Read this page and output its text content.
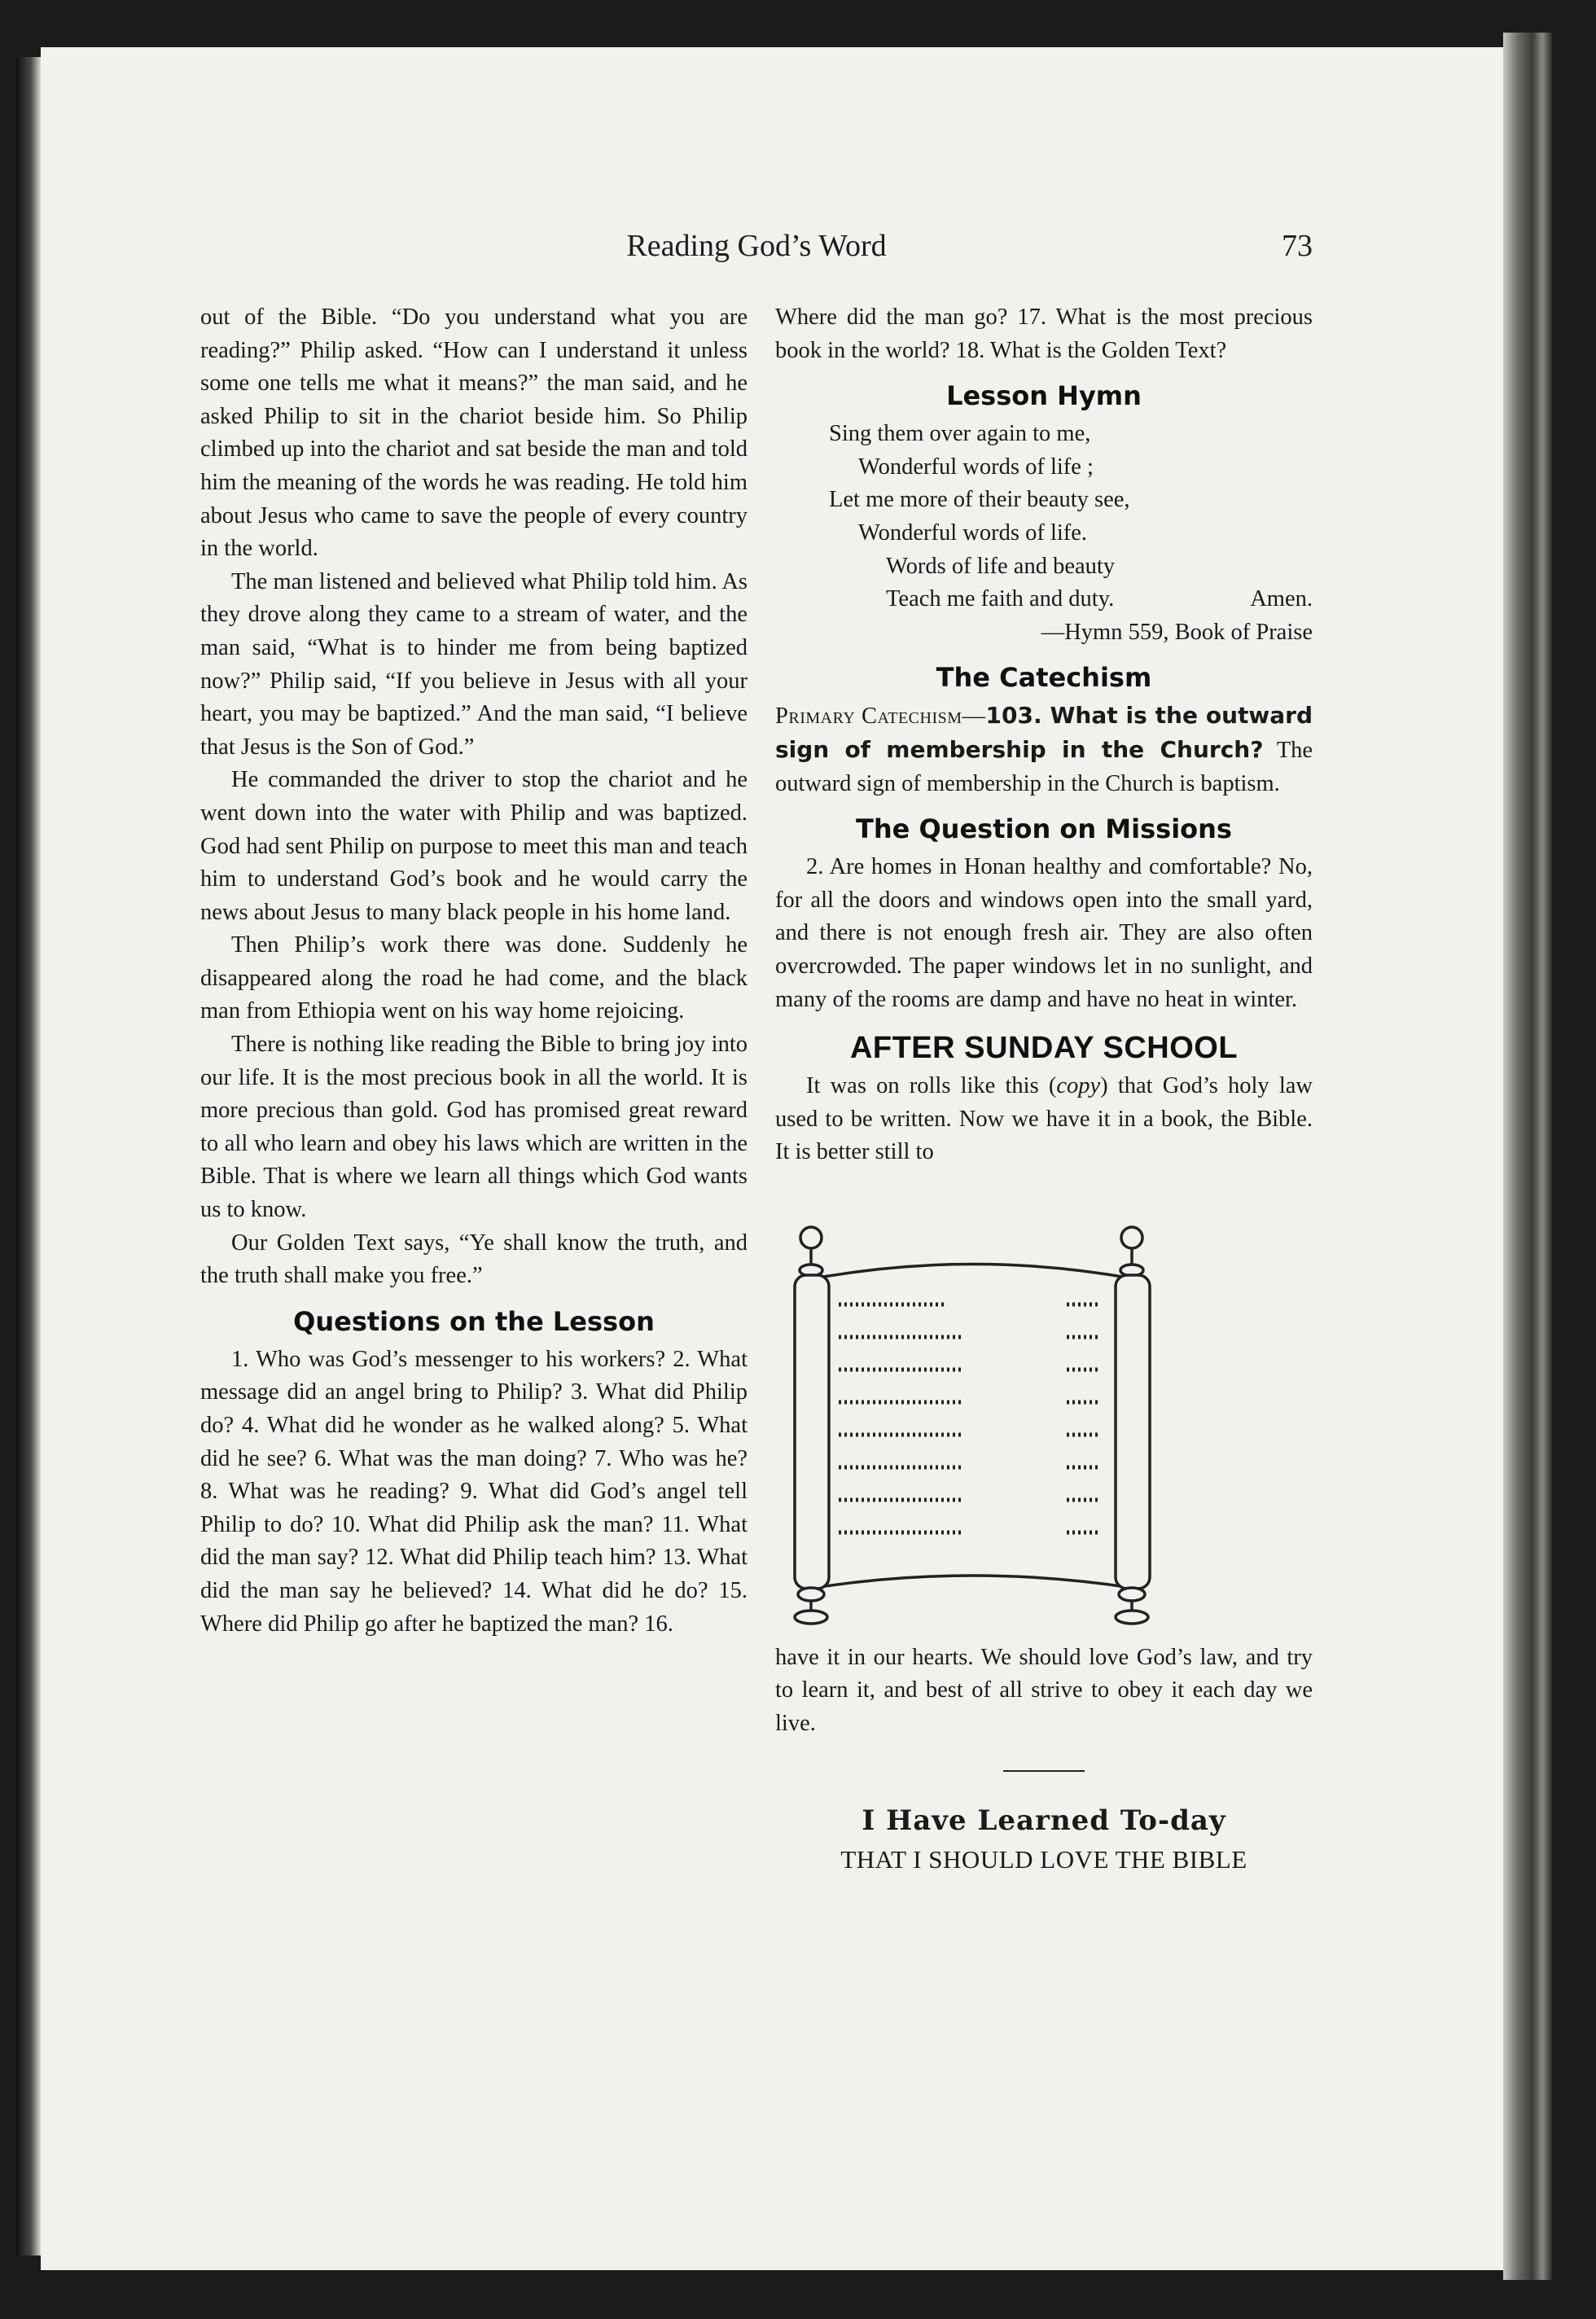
Reading God’s Word	73

out of the Bible. “Do you understand what you are reading?” Philip asked. “How can I understand it unless some one tells me what it means?” the man said, and he asked Philip to sit in the chariot beside him. So Philip climbed up into the chariot and sat beside the man and told him the meaning of the words he was reading. He told him about Jesus who came to save the people of every country in the world.

The man listened and believed what Philip told him. As they drove along they came to a stream of water, and the man said, “What is to hinder me from being baptized now?” Philip said, “If you believe in Jesus with all your heart, you may be baptized.” And the man said, “I believe that Jesus is the Son of God.”

He commanded the driver to stop the chariot and he went down into the water with Philip and was baptized. God had sent Philip on purpose to meet this man and teach him to understand God’s book and he would carry the news about Jesus to many black people in his home land.

Then Philip’s work there was done. Suddenly he disappeared along the road he had come, and the black man from Ethiopia went on his way home rejoicing.

There is nothing like reading the Bible to bring joy into our life. It is the most precious book in all the world. It is more precious than gold. God has promised great reward to all who learn and obey his laws which are written in the Bible. That is where we learn all things which God wants us to know.

Our Golden Text says, “Ye shall know the truth, and the truth shall make you free.”

Questions on the Lesson

1. Who was God’s messenger to his workers? 2. What message did an angel bring to Philip? 3. What did Philip do? 4. What did he wonder as he walked along? 5. What did he see? 6. What was the man doing? 7. Who was he? 8. What was he reading? 9. What did God’s angel tell Philip to do? 10. What did Philip ask the man? 11. What did the man say? 12. What did Philip teach him? 13. What did the man say he believed? 14. What did he do? 15. Where did Philip go after he baptized the man? 16.

Where did the man go? 17. What is the most precious book in the world? 18. What is the Golden Text?

Lesson Hymn
Sing them over again to me,
Wonderful words of life ;
Let me more of their beauty see,
Wonderful words of life.
Words of life and beauty
Teach me faith and duty.	Amen.
—Hymn 559, Book of Praise
The Catechism

Primary Catechism—103. What is the outward sign of membership in the Church? The outward sign of membership in the Church is baptism.

The Question on Missions

2. Are homes in Honan healthy and comfortable? No, for all the doors and windows open into the small yard, and there is not enough fresh air. They are also often overcrowded. The paper windows let in no sunlight, and many of the rooms are damp and have no heat in winter.

AFTER SUNDAY SCHOOL

It was on rolls like this (copy) that God’s holy law used to be written. Now we have it in a book, the Bible. It is better still to

have it in our hearts. We should love God’s law, and try to learn it, and best of all strive to obey it each day we live.

I Have Learned To-day
THAT I SHOULD LOVE THE BIBLE
